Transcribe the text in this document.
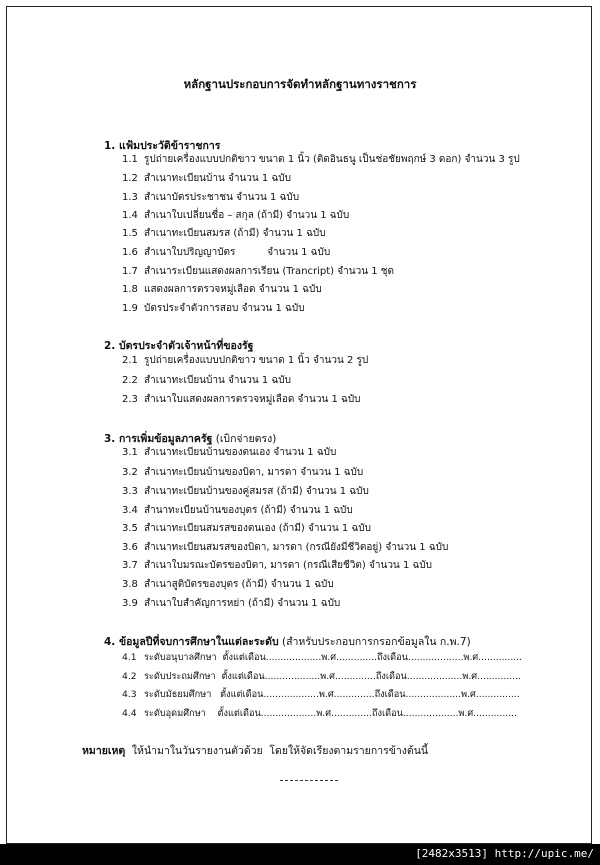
หลักฐานประกอบการจัดทำหลักฐานทางราชการ
1. แฟ้มประวัติข้าราชการ
1.1 รูปถ่ายเครื่องแบบปกติขาว ขนาด 1 นิ้ว (ติดอินธนู เป็นช่อชัยพฤกษ์ 3 ดอก) จำนวน 3 รูป
1.2 สำเนาทะเบียนบ้าน จำนวน 1 ฉบับ
1.3 สำเนาบัตรประชาชน จำนวน 1 ฉบับ
1.4 สำเนาใบเปลี่ยนชื่อ – สกุล (ถ้ามี) จำนวน 1 ฉบับ
1.5 สำเนาทะเบียนสมรส (ถ้ามี) จำนวน 1 ฉบับ
1.6 สำเนาใบปริญญาบัตร          จำนวน 1 ฉบับ
1.7 สำเนาระเบียนแสดงผลการเรียน (Trancript) จำนวน 1 ชุด
1.8 แสดงผลการตรวจหมู่เลือด จำนวน 1 ฉบับ
1.9 บัตรประจำตัวการสอบ จำนวน 1 ฉบับ
2. บัตรประจำตัวเจ้าหน้าที่ของรัฐ
2.1 รูปถ่ายเครื่องแบบปกติขาว ขนาด 1 นิ้ว จำนวน 2 รูป
2.2 สำเนาทะเบียนบ้าน จำนวน 1 ฉบับ
2.3 สำเนาใบแสดงผลการตรวจหมู่เลือด จำนวน 1 ฉบับ
3. การเพิ่มข้อมูลภาครัฐ (เบิกจ่ายตรง)
3.1 สำเนาทะเบียนบ้านของตนเอง จำนวน 1 ฉบับ
3.2 สำเนาทะเบียนบ้านของบิดา, มารดา จำนวน 1 ฉบับ
3.3 สำเนาทะเบียนบ้านของคู่สมรส (ถ้ามี) จำนวน 1 ฉบับ
3.4 สำนาทะเบียนบ้านของบุตร (ถ้ามี) จำนวน 1 ฉบับ
3.5 สำเนาทะเบียนสมรสของตนเอง (ถ้ามี) จำนวน 1 ฉบับ
3.6 สำเนาทะเบียนสมรสของบิดา, มารดา (กรณียังมีชีวิตอยู่) จำนวน 1 ฉบับ
3.7 สำเนาใบมรณะบัตรของบิดา, มารดา (กรณีเสียชีวิต) จำนวน 1 ฉบับ
3.8 สำเนาสูติบัตรของบุตร (ถ้ามี) จำนวน 1 ฉบับ
3.9 สำเนาใบสำคัญการหย่า (ถ้ามี) จำนวน 1 ฉบับ
4. ข้อมูลปีที่จบการศึกษาในแต่ละระดับ (สำหรับประกอบการกรอกข้อมูลใน ก.พ.7)
4.1 ระดับอนุบาลศึกษา  ตั้งแต่เดือน...................พ.ศ..............ถึงเดือน...................พ.ศ...............
4.2 ระดับประถมศึกษา  ตั้งแต่เดือน...................พ.ศ..............ถึงเดือน...................พ.ศ...............
4.3 ระดับมัธยมศึกษา   ตั้งแต่เดือน...................พ.ศ..............ถึงเดือน...................พ.ศ...............
4.4 ระดับอุดมศึกษา    ตั้งแต่เดือน...................พ.ศ..............ถึงเดือน...................พ.ศ...............
หมายเหตุ  ให้นำมาในวันรายงานตัวด้วย  โดยให้จัดเรียงตามรายการข้างต้นนี้
[2482x3513] http://upic.me/
